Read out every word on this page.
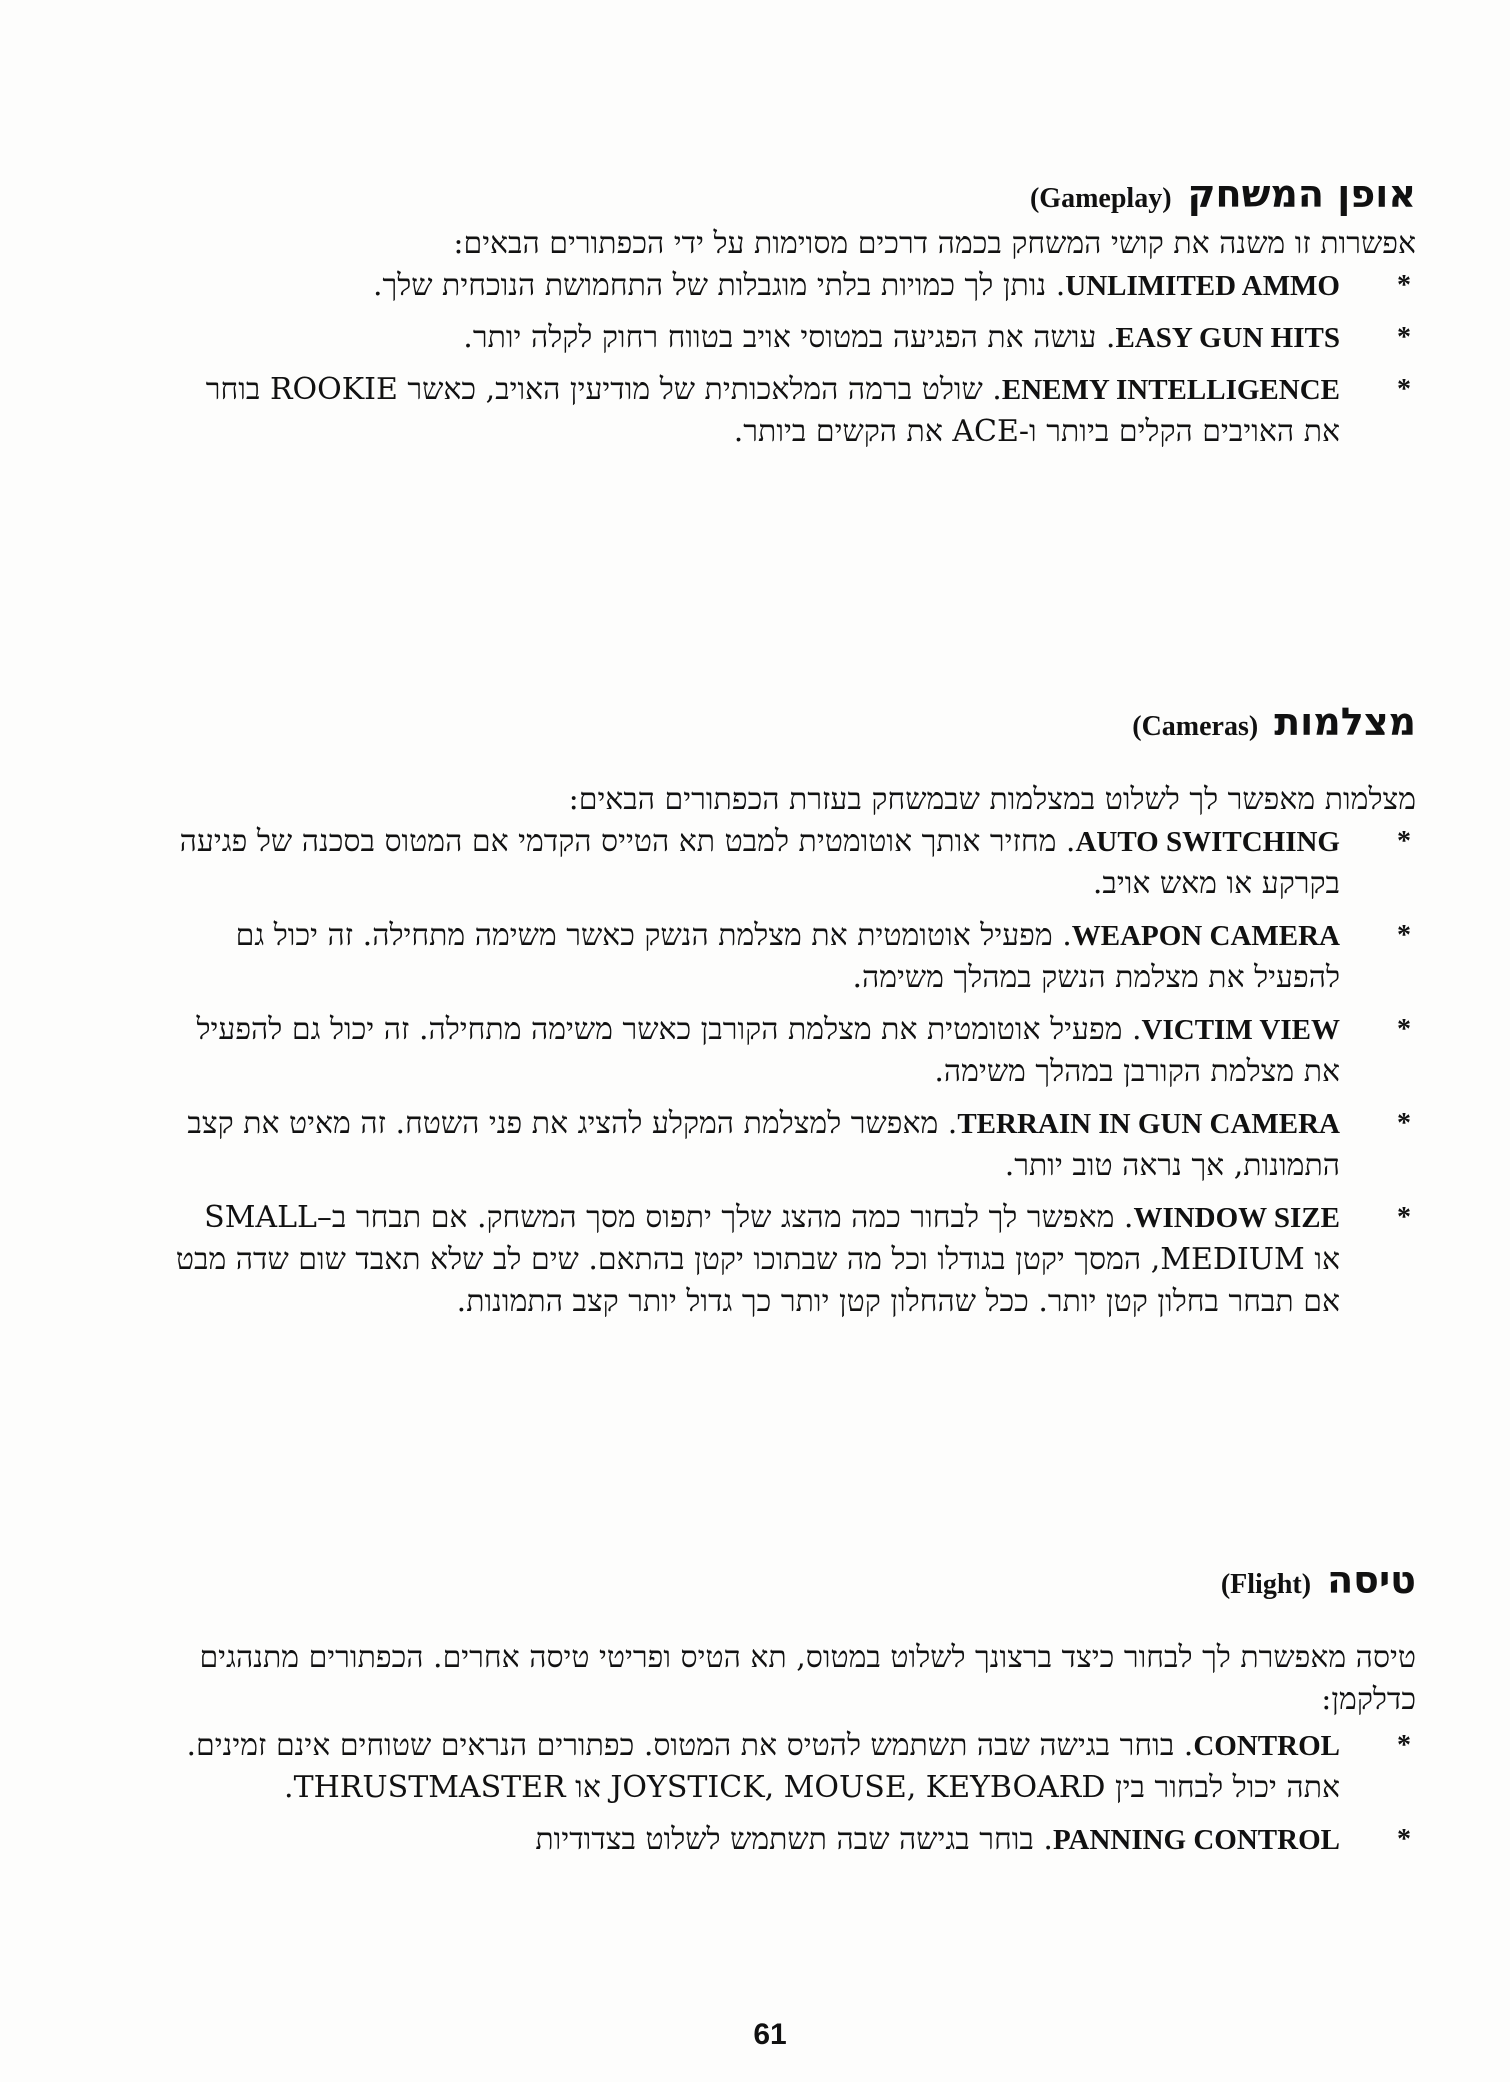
אופן המשחק(Gameplay)

אפשרות זו משנה את קושי המשחק בכמה דרכים מסוימות על ידי הכפתורים הבאים:

*
UNLIMITED AMMO. נותן לך כמויות בלתי מוגבלות של התחמושת הנוכחית שלך.
*
EASY GUN HITS. עושה את הפגיעה במטוסי אויב בטווח רחוק לקלה יותר.
*
ENEMY INTELLIGENCE. שולט ברמה המלאכותית של מודיעין האויב, כאשר ROOKIE בוחר את האויבים הקלים ביותר ו-ACE את הקשים ביותר.
מצלמות(Cameras)

מצלמות מאפשר לך לשלוט במצלמות שבמשחק בעזרת הכפתורים הבאים:

*
AUTO SWITCHING. מחזיר אותך אוטומטית למבט תא הטייס הקדמי אם המטוס בסכנה של פגיעה בקרקע או מאש אויב.
*
WEAPON CAMERA. מפעיל אוטומטית את מצלמת הנשק כאשר משימה מתחילה. זה יכול גם להפעיל את מצלמת הנשק במהלך משימה.
*
VICTIM VIEW. מפעיל אוטומטית את מצלמת הקורבן כאשר משימה מתחילה. זה יכול גם להפעיל את מצלמת הקורבן במהלך משימה.
*
TERRAIN IN GUN CAMERA. מאפשר למצלמת המקלע להציג את פני השטח. זה מאיט את קצב התמונות, אך נראה טוב יותר.
*
WINDOW SIZE. מאפשר לך לבחור כמה מהצג שלך יתפוס מסך המשחק. אם תבחר ב–SMALL או MEDIUM, המסך יקטן בגודלו וכל מה שבתוכו יקטן בהתאם. שים לב שלא תאבד שום שדה מבט אם תבחר בחלון קטן יותר. ככל שהחלון קטן יותר כך גדול יותר קצב התמונות.
טיסה(Flight)

טיסה מאפשרת לך לבחור כיצד ברצונך לשלוט במטוס, תא הטיס ופריטי טיסה אחרים. הכפתורים מתנהגים כדלקמן:

*
CONTROL. בוחר בגישה שבה תשתמש להטיס את המטוס. כפתורים הנראים שטוחים אינם זמינים. אתה יכול לבחור בין JOYSTICK, MOUSE, KEYBOARD או THRUSTMASTER.
*
PANNING CONTROL. בוחר בגישה שבה תשתמש לשלוט בצדודיות
61
